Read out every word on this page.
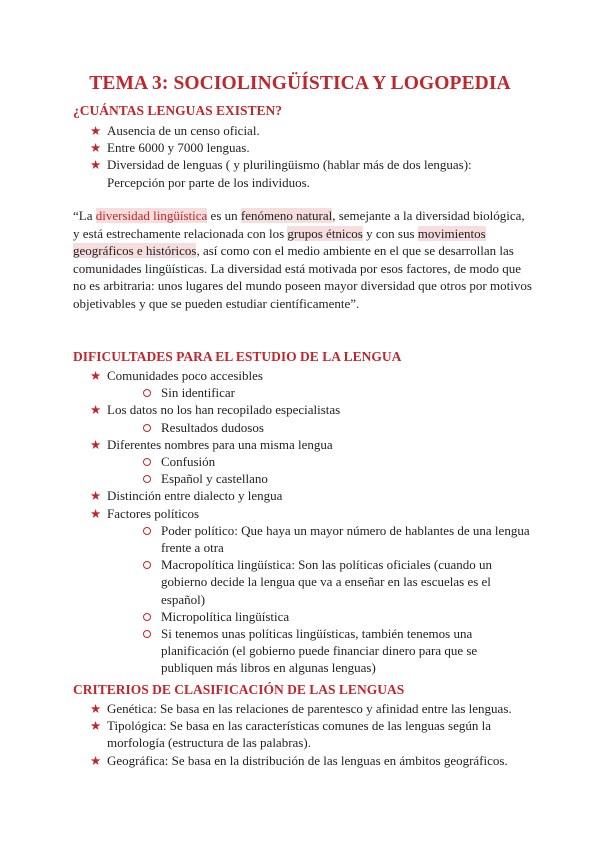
TEMA 3: SOCIOLINGÜÍSTICA Y LOGOPEDIA
¿CUÁNTAS LENGUAS EXISTEN?
★ Ausencia de un censo oficial.
★ Entre 6000 y 7000 lenguas.
★ Diversidad de lenguas ( y plurilingüismo (hablar más de dos lenguas): Percepción por parte de los individuos.

“La diversidad lingüística es un fenómeno natural, semejante a la diversidad biológica, y está estrechamente relacionada con los grupos étnicos y con sus movimientos geográficos e históricos, así como con el medio ambiente en el que se desarrollan las comunidades lingüísticas. La diversidad está motivada por esos factores, de modo que no es arbitraria: unos lugares del mundo poseen mayor diversidad que otros por motivos objetivables y que se pueden estudiar científicamente”.

DIFICULTADES PARA EL ESTUDIO DE LA LENGUA
★ Comunidades poco accesibles
Sin identificar
★ Los datos no los han recopilado especialistas
Resultados dudosos
★ Diferentes nombres para una misma lengua
Confusión
Español y castellano
★ Distinción entre dialecto y lengua
★ Factores políticos
Poder político: Que haya un mayor número de hablantes de una lengua frente a otra
Macropolítica lingüística: Son las políticas oficiales (cuando un gobierno decide la lengua que va a enseñar en las escuelas es el español)
Micropolítica lingüística
Si tenemos unas políticas lingüísticas, también tenemos una planificación (el gobierno puede financiar dinero para que se publiquen más libros en algunas lenguas)
CRITERIOS DE CLASIFICACIÓN DE LAS LENGUAS
★ Genética: Se basa en las relaciones de parentesco y afinidad entre las lenguas.
★ Tipológica: Se basa en las características comunes de las lenguas según la morfología (estructura de las palabras).
★ Geográfica: Se basa en la distribución de las lenguas en ámbitos geográficos.
